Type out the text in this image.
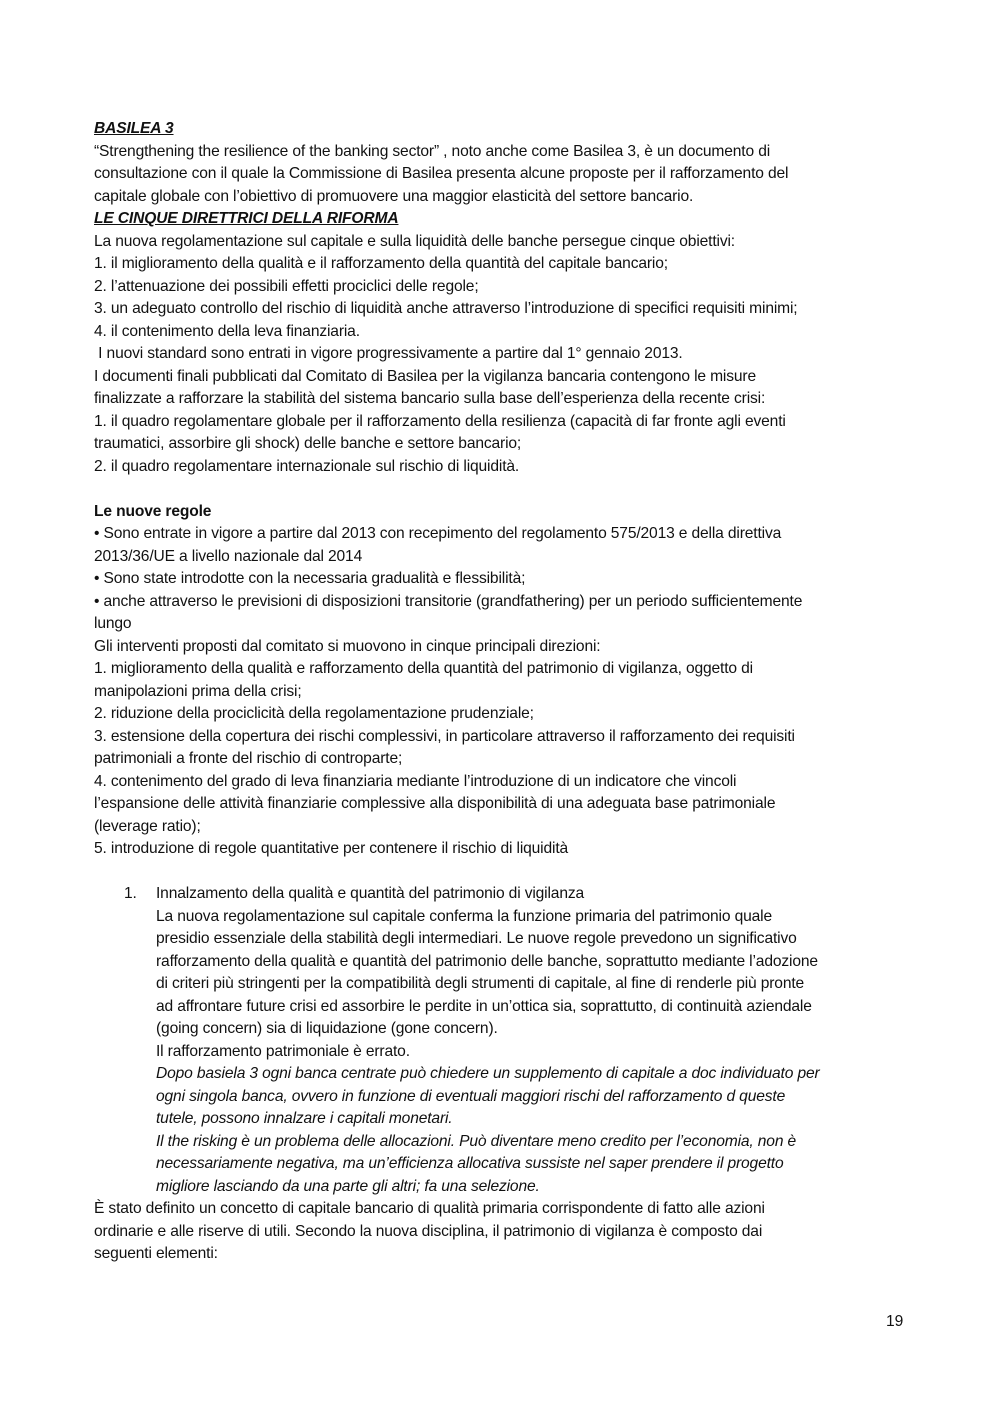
BASILEA 3

“Strengthening the resilience of the banking sector” , noto anche come Basilea 3, è un documento di

consultazione con il quale la Commissione di Basilea presenta alcune proposte per il rafforzamento del

capitale globale con l’obiettivo di promuovere una maggior elasticità del settore bancario.

LE CINQUE DIRETTRICI DELLA RIFORMA

La nuova regolamentazione sul capitale e sulla liquidità delle banche persegue cinque obiettivi:

1. il miglioramento della qualità e il rafforzamento della quantità del capitale bancario;

2. l’attenuazione dei possibili effetti prociclici delle regole;

3. un adeguato controllo del rischio di liquidità anche attraverso l’introduzione di specifici requisiti minimi;

4. il contenimento della leva finanziaria.

I nuovi standard sono entrati in vigore progressivamente a partire dal 1° gennaio 2013.

I documenti finali pubblicati dal Comitato di Basilea per la vigilanza bancaria contengono le misure

finalizzate a rafforzare la stabilità del sistema bancario sulla base dell’esperienza della recente crisi:

1. il quadro regolamentare globale per il rafforzamento della resilienza (capacità di far fronte agli eventi

traumatici, assorbire gli shock) delle banche e settore bancario;

2. il quadro regolamentare internazionale sul rischio di liquidità.

Le nuove regole

• Sono entrate in vigore a partire dal 2013 con recepimento del regolamento 575/2013 e della direttiva

2013/36/UE a livello nazionale dal 2014

• Sono state introdotte con la necessaria gradualità e flessibilità;

• anche attraverso le previsioni di disposizioni transitorie (grandfathering) per un periodo sufficientemente

lungo

Gli interventi proposti dal comitato si muovono in cinque principali direzioni:

1. miglioramento della qualità e rafforzamento della quantità del patrimonio di vigilanza, oggetto di

manipolazioni prima della crisi;

2. riduzione della prociclicità della regolamentazione prudenziale;

3. estensione della copertura dei rischi complessivi, in particolare attraverso il rafforzamento dei requisiti

patrimoniali a fronte del rischio di controparte;

4. contenimento del grado di leva finanziaria mediante l’introduzione di un indicatore che vincoli

l’espansione delle attività finanziarie complessive alla disponibilità di una adeguata base patrimoniale

(leverage ratio);

5. introduzione di regole quantitative per contenere il rischio di liquidità

1.	Innalzamento della qualità e quantità del patrimonio di vigilanza

La nuova regolamentazione sul capitale conferma la funzione primaria del patrimonio quale

presidio essenziale della stabilità degli intermediari. Le nuove regole prevedono un significativo

rafforzamento della qualità e quantità del patrimonio delle banche, soprattutto mediante l’adozione

di criteri più stringenti per la compatibilità degli strumenti di capitale, al fine di renderle più pronte

ad affrontare future crisi ed assorbire le perdite in un’ottica sia, soprattutto, di continuità aziendale

(going concern) sia di liquidazione (gone concern).

Il rafforzamento patrimoniale è errato.

Dopo basiela 3 ogni banca centrate può chiedere un supplemento di capitale a doc individuato per

ogni singola banca, ovvero in funzione di eventuali maggiori rischi del rafforzamento d queste

tutele, possono innalzare i capitali monetari.

Il the risking è un problema delle allocazioni. Può diventare meno credito per l’economia, non è

necessariamente negativa, ma un’efficienza allocativa sussiste nel saper prendere il progetto

migliore lasciando da una parte gli altri; fa una selezione.

È stato definito un concetto di capitale bancario di qualità primaria corrispondente di fatto alle azioni

ordinarie e alle riserve di utili. Secondo la nuova disciplina, il patrimonio di vigilanza è composto dai

seguenti elementi:

19
